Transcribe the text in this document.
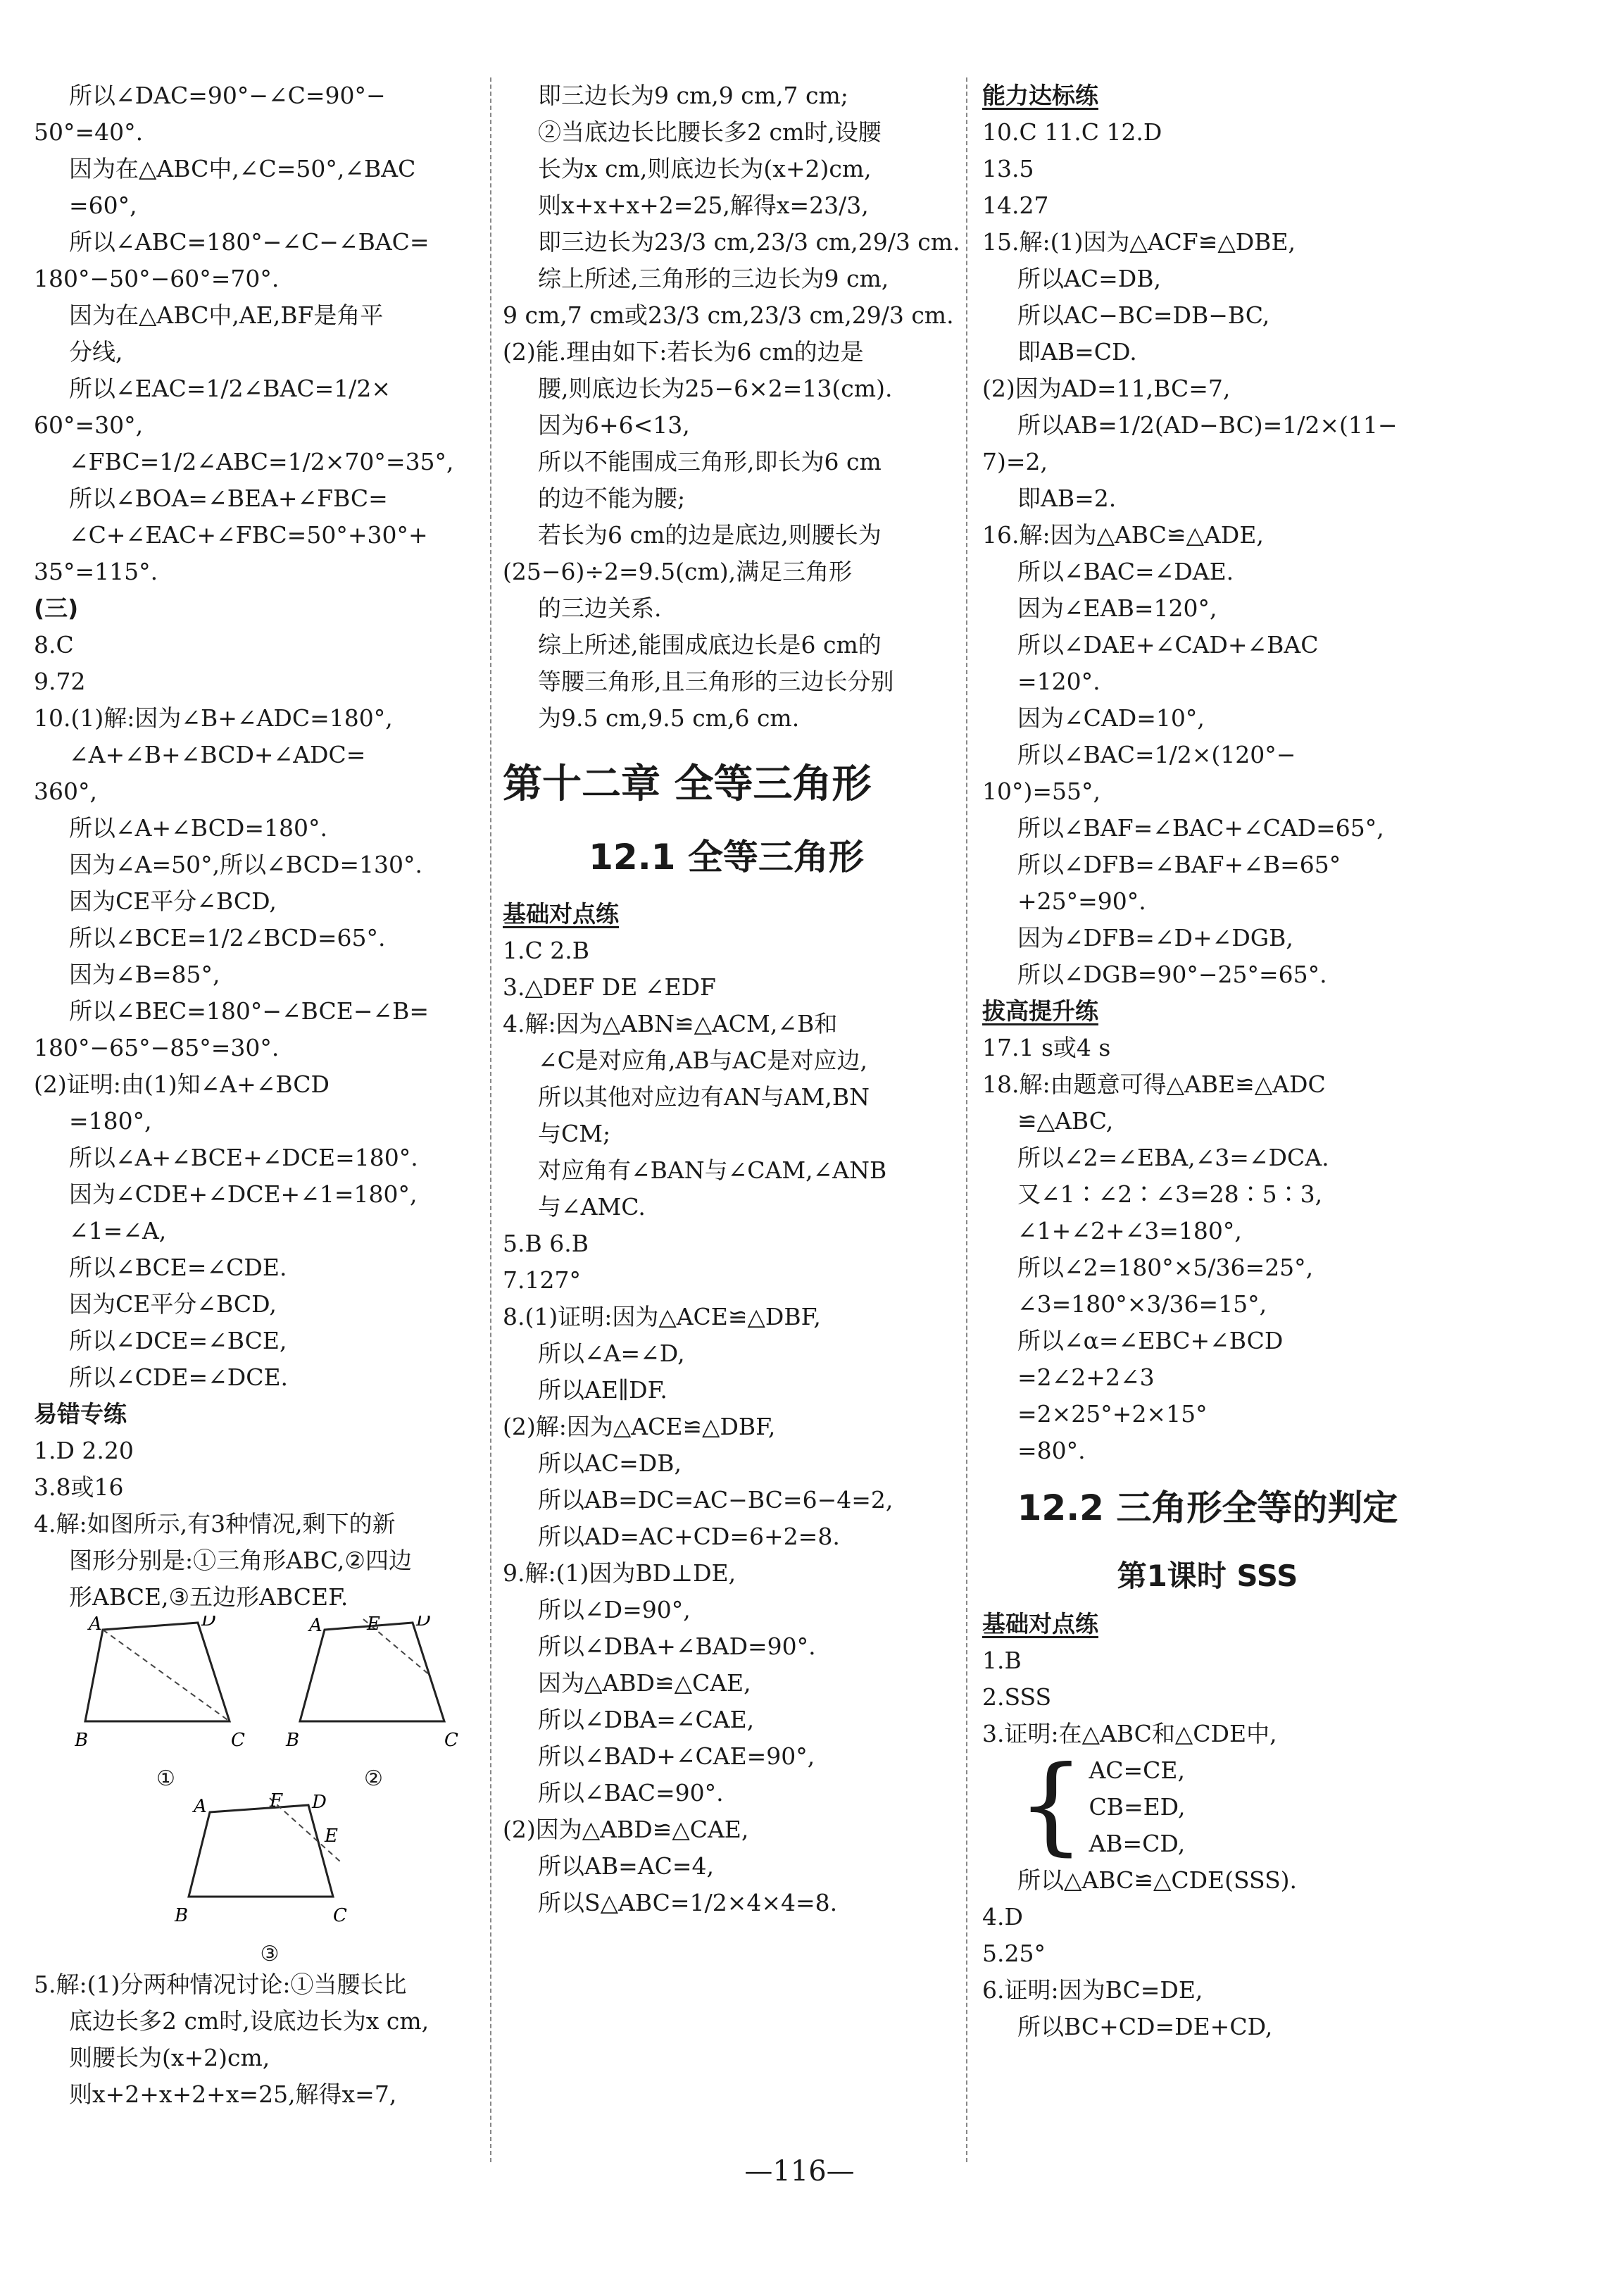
所以∠DAC=90°−∠C=90°−
50°=40°.
因为在△ABC中,∠C=50°,∠BAC
=60°,
所以∠ABC=180°−∠C−∠BAC=
180°−50°−60°=70°.
因为在△ABC中,AE,BF是角平
分线,
所以∠EAC=1/2∠BAC=1/2×
60°=30°,
∠FBC=1/2∠ABC=1/2×70°=35°,
所以∠BOA=∠BEA+∠FBC=
∠C+∠EAC+∠FBC=50°+30°+
35°=115°.
(三)
8.C
9.72
10.(1)解:因为∠B+∠ADC=180°,
∠A+∠B+∠BCD+∠ADC=
360°,
所以∠A+∠BCD=180°.
因为∠A=50°,所以∠BCD=130°.
因为CE平分∠BCD,
所以∠BCE=1/2∠BCD=65°.
因为∠B=85°,
所以∠BEC=180°−∠BCE−∠B=
180°−65°−85°=30°.
(2)证明:由(1)知∠A+∠BCD
=180°,
所以∠A+∠BCE+∠DCE=180°.
因为∠CDE+∠DCE+∠1=180°,
∠1=∠A,
所以∠BCE=∠CDE.
因为CE平分∠BCD,
所以∠DCE=∠BCE,
所以∠CDE=∠DCE.
易错专练
1.D 2.20
3.8或16
4.解:如图所示,有3种情况,剩下的新
图形分别是:①三角形ABC,②四边
形ABCE,③五边形ABCEF.
A	D
B	C
①
A E D
B	C
②
A	F D
E
B	C
③
5.解:(1)分两种情况讨论:①当腰长比
底边长多2 cm时,设底边长为x cm,
则腰长为(x+2)cm,
则x+2+x+2+x=25,解得x=7,
即三边长为9 cm,9 cm,7 cm;
②当底边长比腰长多2 cm时,设腰
长为x cm,则底边长为(x+2)cm,
则x+x+x+2=25,解得x=23/3,
即三边长为23/3 cm,23/3 cm,29/3 cm.
综上所述,三角形的三边长为9 cm,
9 cm,7 cm或23/3 cm,23/3 cm,29/3 cm.
(2)能.理由如下:若长为6 cm的边是
腰,则底边长为25−6×2=13(cm).
因为6+6<13,
所以不能围成三角形,即长为6 cm
的边不能为腰;
若长为6 cm的边是底边,则腰长为
(25−6)÷2=9.5(cm),满足三角形
的三边关系.
综上所述,能围成底边长是6 cm的
等腰三角形,且三角形的三边长分别
为9.5 cm,9.5 cm,6 cm.
第十二章 全等三角形
12.1 全等三角形
基础对点练
1.C 2.B
3.△DEF DE ∠EDF
4.解:因为△ABN≌△ACM,∠B和
∠C是对应角,AB与AC是对应边,
所以其他对应边有AN与AM,BN
与CM;
对应角有∠BAN与∠CAM,∠ANB
与∠AMC.
5.B 6.B
7.127°
8.(1)证明:因为△ACE≌△DBF,
所以∠A=∠D,
所以AE∥DF.
(2)解:因为△ACE≌△DBF,
所以AC=DB,
所以AB=DC=AC−BC=6−4=2,
所以AD=AC+CD=6+2=8.
9.解:(1)因为BD⊥DE,
所以∠D=90°,
所以∠DBA+∠BAD=90°.
因为△ABD≌△CAE,
所以∠DBA=∠CAE,
所以∠BAD+∠CAE=90°,
所以∠BAC=90°.
(2)因为△ABD≌△CAE,
所以AB=AC=4,
所以S△ABC=1/2×4×4=8.
能力达标练
10.C 11.C 12.D
13.5
14.27
15.解:(1)因为△ACF≌△DBE,
所以AC=DB,
所以AC−BC=DB−BC,
即AB=CD.
(2)因为AD=11,BC=7,
所以AB=1/2(AD−BC)=1/2×(11−
7)=2,
即AB=2.
16.解:因为△ABC≌△ADE,
所以∠BAC=∠DAE.
因为∠EAB=120°,
所以∠DAE+∠CAD+∠BAC
=120°.
因为∠CAD=10°,
所以∠BAC=1/2×(120°−
10°)=55°,
所以∠BAF=∠BAC+∠CAD=65°,
所以∠DFB=∠BAF+∠B=65°
+25°=90°.
因为∠DFB=∠D+∠DGB,
所以∠DGB=90°−25°=65°.
拔高提升练
17.1 s或4 s
18.解:由题意可得△ABE≌△ADC
≌△ABC,
所以∠2=∠EBA,∠3=∠DCA.
又∠1∶∠2∶∠3=28∶5∶3,
∠1+∠2+∠3=180°,
所以∠2=180°×5/36=25°,
∠3=180°×3/36=15°,
所以∠α=∠EBC+∠BCD
=2∠2+2∠3
=2×25°+2×15°
=80°.
12.2 三角形全等的判定
第1课时 SSS
基础对点练
1.B
2.SSS
3.证明:在△ABC和△CDE中,
{ AC=CE,
CB=ED,
AB=CD,
所以△ABC≌△CDE(SSS).
4.D
5.25°
6.证明:因为BC=DE,
所以BC+CD=DE+CD,
—116—
